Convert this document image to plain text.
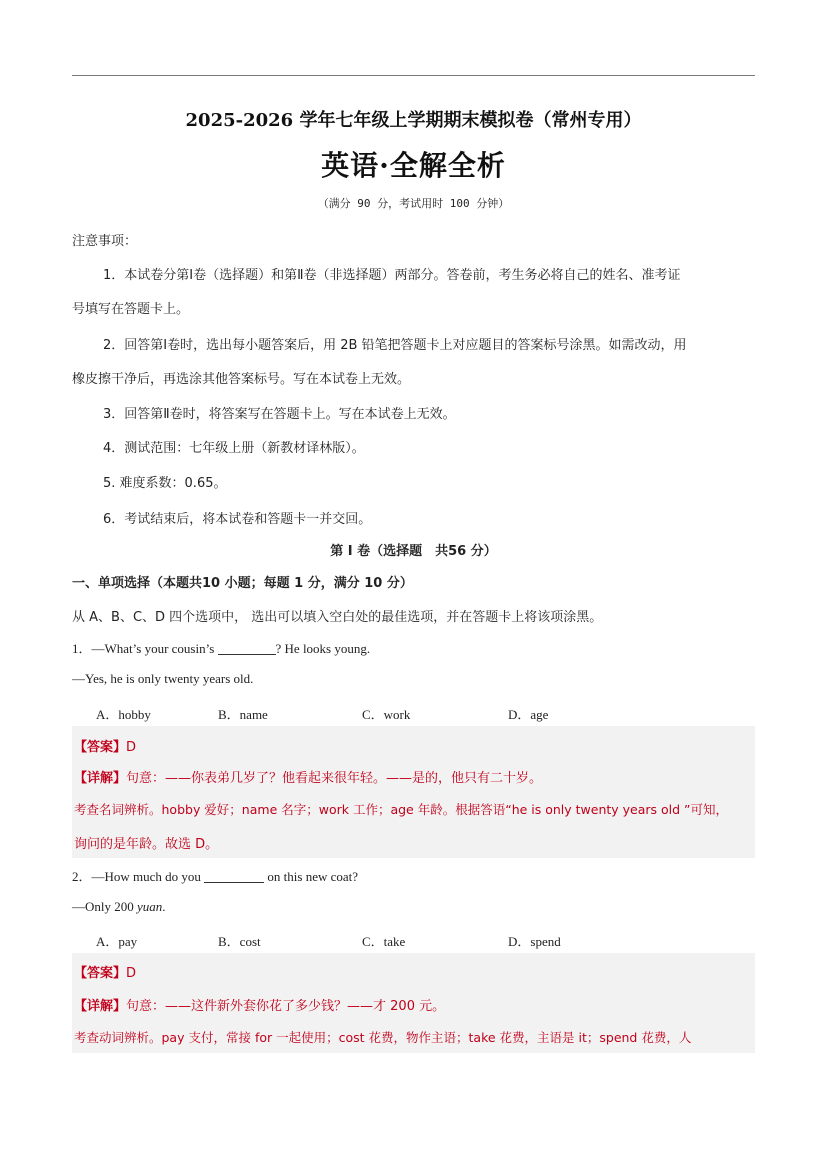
2025-2026 学年七年级上学期期末模拟卷（常州专用）
英语·全解全析
（满分 90 分，考试用时 100 分钟）
注意事项：
1．本试卷分第Ⅰ卷（选择题）和第Ⅱ卷（非选择题）两部分。答卷前，考生务必将自己的姓名、准考证
号填写在答题卡上。
2．回答第Ⅰ卷时，选出每小题答案后，用 2B 铅笔把答题卡上对应题目的答案标号涂黑。如需改动，用
橡皮擦干净后，再选涂其他答案标号。写在本试卷上无效。
3．回答第Ⅱ卷时，将答案写在答题卡上。写在本试卷上无效。
4．测试范围：七年级上册（新教材译林版）。
5. 难度系数：0.65。
6．考试结束后，将本试卷和答题卡一并交回。
第 I 卷（选择题　共56 分）
一、单项选择（本题共10 小题；每题 1 分，满分 10 分）
从 A、B、C、D 四个选项中， 选出可以填入空白处的最佳选项，并在答题卡上将该项涂黑。
1．—What’s your cousin’s	? He looks young.
—Yes, he is only twenty years old.
A．hobby	B．name	C．work	D．age
【答案】D
【详解】句意：——你表弟几岁了？他看起来很年轻。——是的，他只有二十岁。
考查名词辨析。hobby 爱好；name 名字；work 工作；age 年龄。根据答语“he is only twenty years old ”可知，
询问的是年龄。故选 D。
2．—How much do you	on this new coat?
—Only 200 yuan.
A．pay	B．cost	C．take	D．spend
【答案】D
【详解】句意：——这件新外套你花了多少钱？——才 200 元。
考查动词辨析。pay 支付，常接 for 一起使用；cost 花费，物作主语；take 花费，主语是 it；spend 花费，人
